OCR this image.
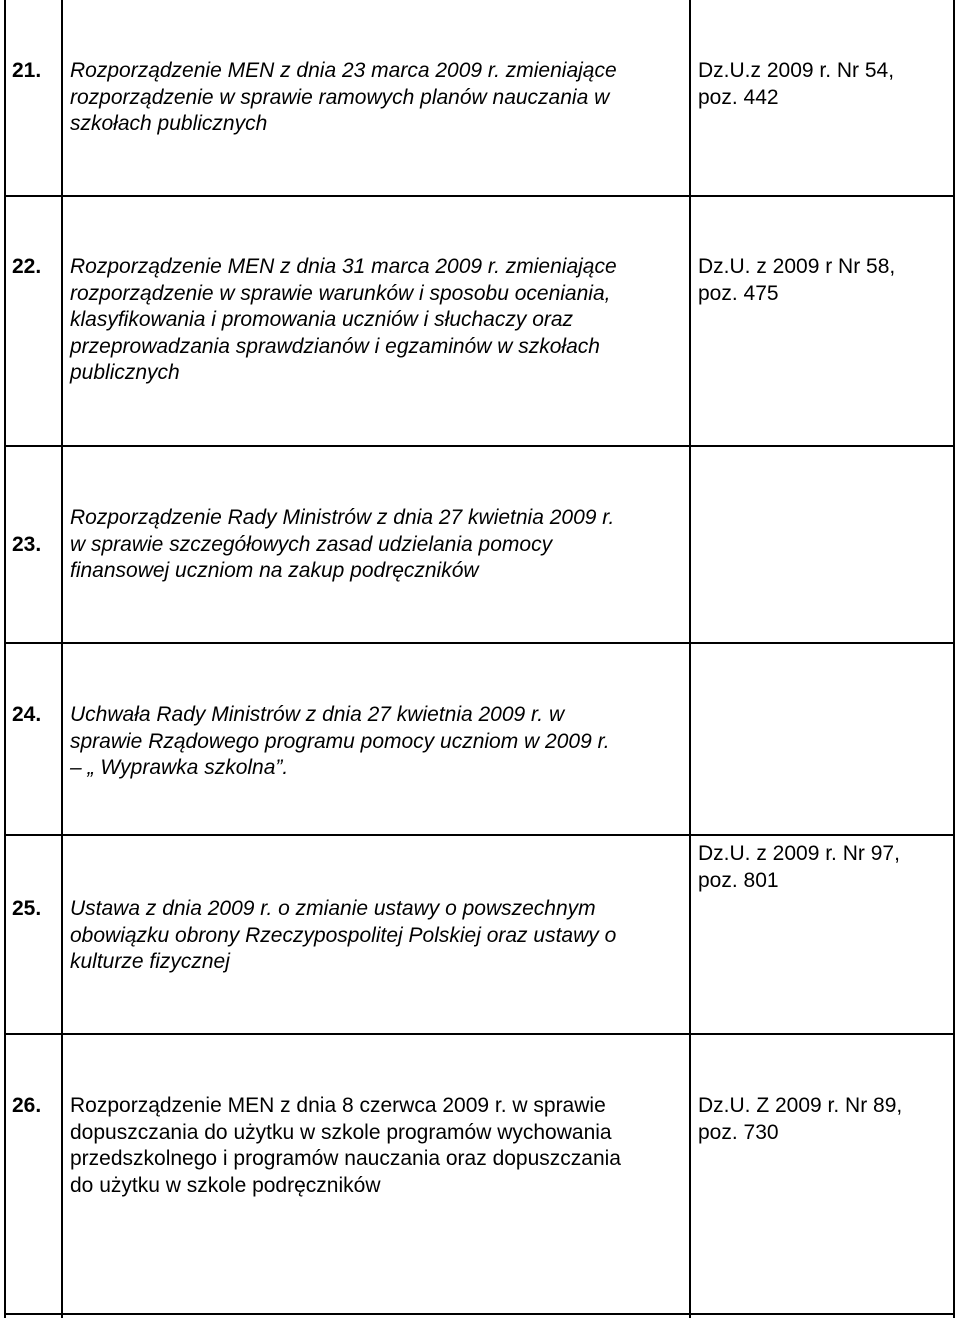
21. Rozporządzenie MEN z dnia 23 marca 2009 r. zmieniające
rozporządzenie w sprawie ramowych planów nauczania w
szkołach publicznych
Dz.U.z 2009 r. Nr 54,
poz. 442
22. Rozporządzenie MEN z dnia 31 marca 2009 r. zmieniające
rozporządzenie w sprawie warunków i sposobu oceniania,
klasyfikowania i promowania uczniów i słuchaczy oraz
przeprowadzania sprawdzianów i egzaminów w szkołach
publicznych
Dz.U. z 2009 r Nr 58,
poz. 475
23.
Rozporządzenie Rady Ministrów z dnia 27 kwietnia 2009 r.
w sprawie szczegółowych zasad udzielania pomocy
finansowej uczniom na zakup podręczników
24. Uchwała Rady Ministrów z dnia 27 kwietnia 2009 r. w
sprawie Rządowego programu pomocy uczniom w 2009 r.
– „ Wyprawka szkolna”.
25. Ustawa z dnia 2009 r. o zmianie ustawy o powszechnym
obowiązku obrony Rzeczypospolitej Polskiej oraz ustawy o
kulturze fizycznej
Dz.U. z 2009 r. Nr 97,
poz. 801
26. Rozporządzenie MEN z dnia 8 czerwca 2009 r. w sprawie
dopuszczania do użytku w szkole programów wychowania
przedszkolnego i programów nauczania oraz dopuszczania
do użytku w szkole podręczników
Dz.U. Z 2009 r. Nr 89,
poz. 730
